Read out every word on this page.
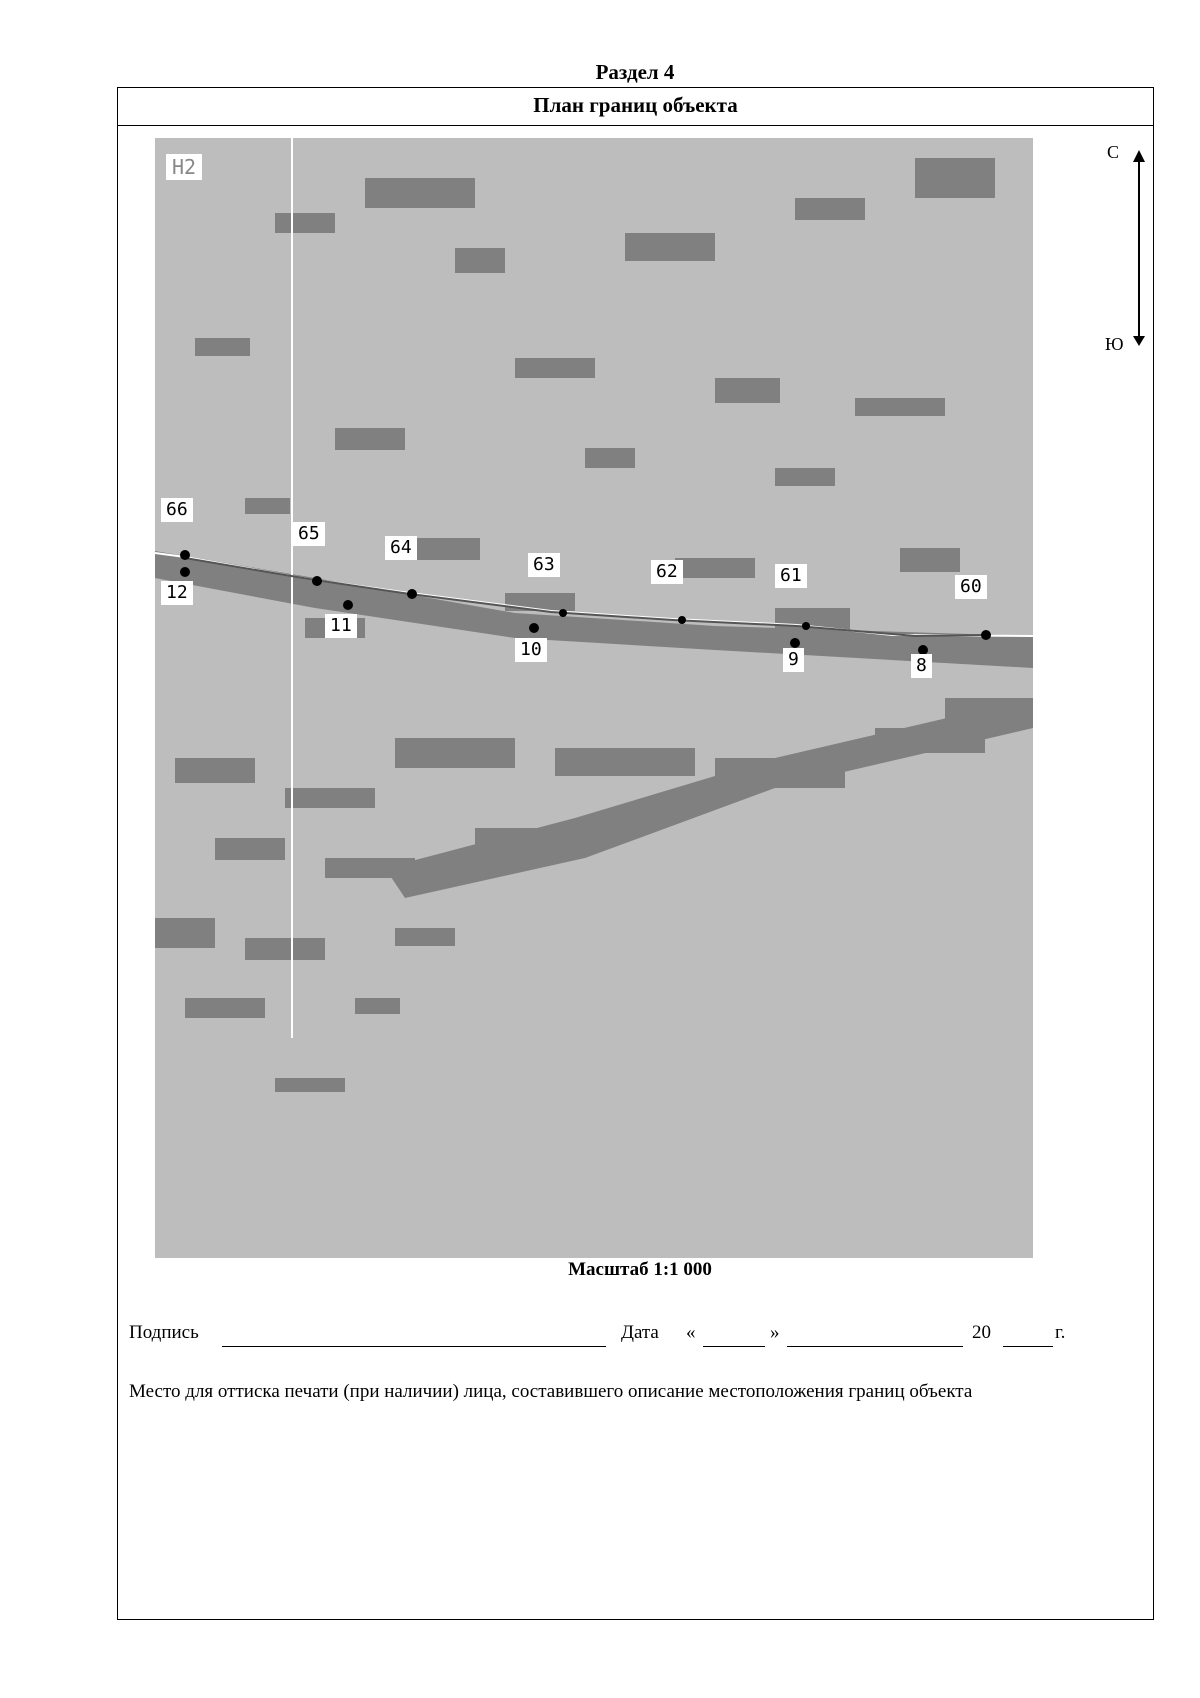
Раздел 4
План границ объекта
Н2
66
65
64
63	62	61
60
12
11
10	9	8
С
Ю
Масштаб 1:1 000
Подпись	Дата «	»	20	г.
Место для оттиска печати (при наличии) лица, составившего описание местоположения границ объекта
